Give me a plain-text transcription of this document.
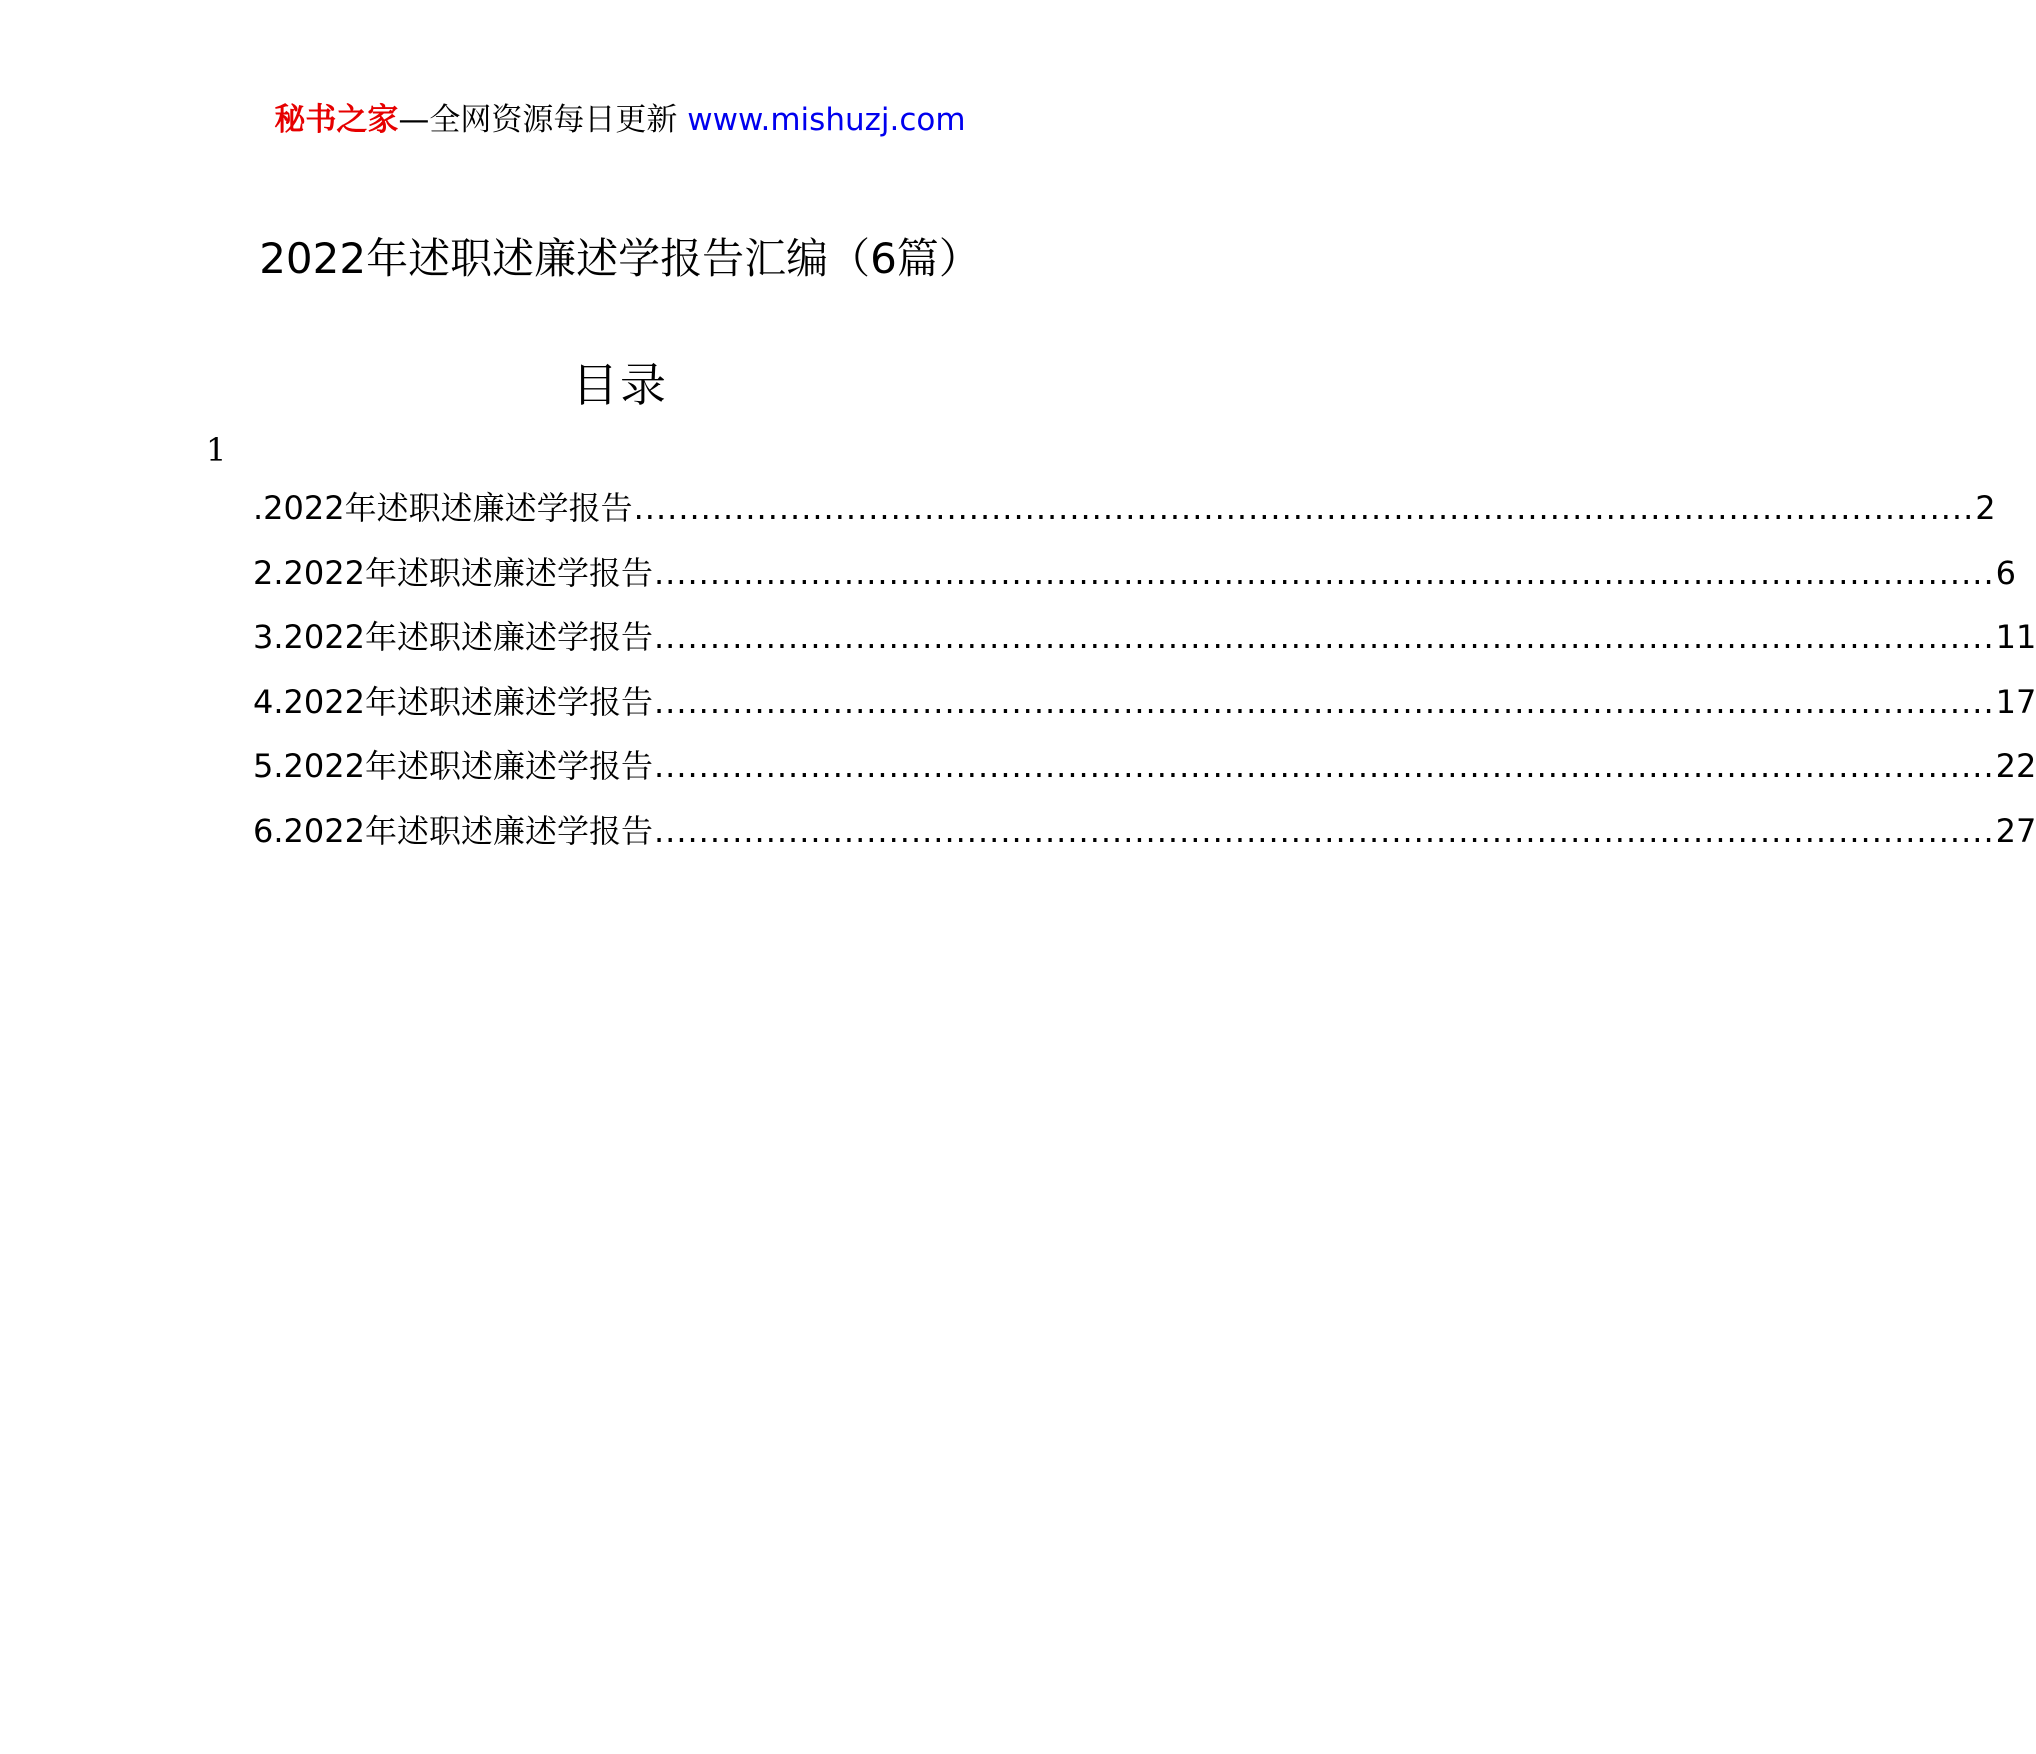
秘书之家—全网资源每日更新 www.mishuzj.com
2022年述职述廉述学报告汇编（6篇）
目录
1
.2022年述职述廉述学报告 ........................................................................................................................ 2
2.2022年述职述廉述学报告 ........................................................................................................................ 6
3.2022年述职述廉述学报告 ........................................................................................................................ 11
4.2022年述职述廉述学报告 ........................................................................................................................ 17
5.2022年述职述廉述学报告 ........................................................................................................................ 22
6.2022年述职述廉述学报告 ........................................................................................................................ 27
